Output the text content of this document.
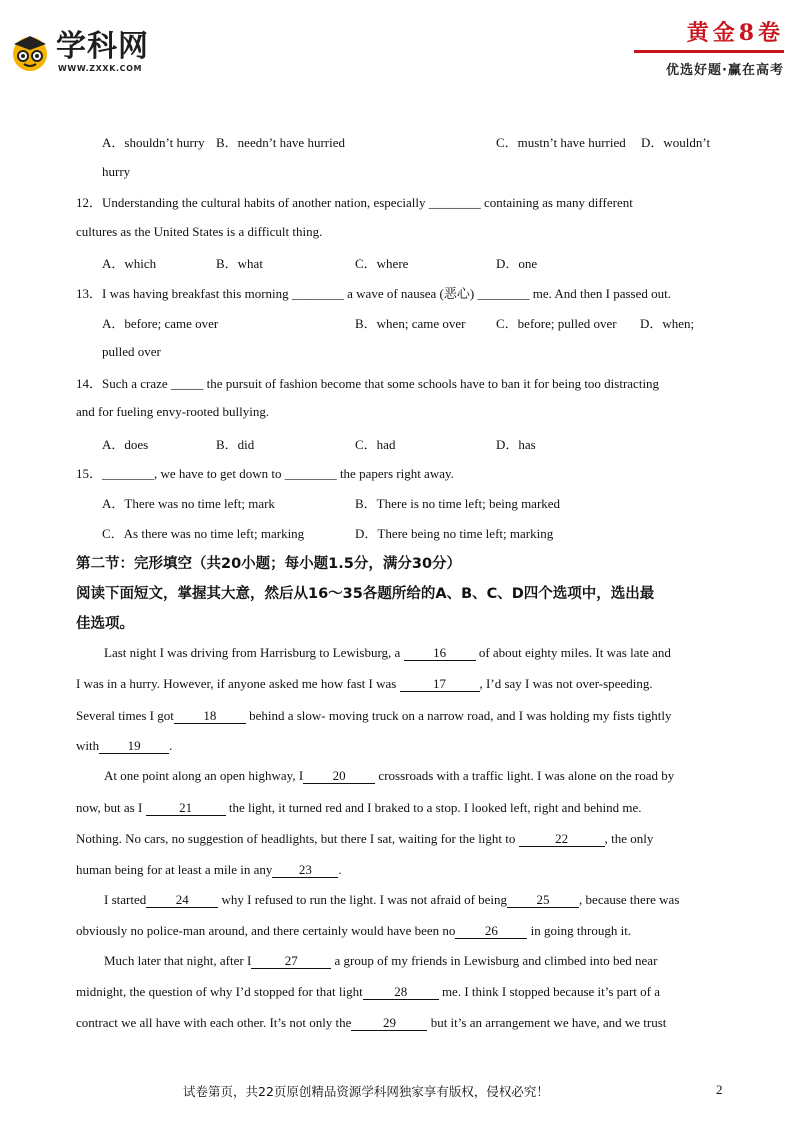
学科网
WWW.ZXXK.COM
黄金8卷
优选好题·赢在高考
A．shouldn’t hurry B．needn’t have hurried	C．mustn’t have hurried D．wouldn’t
hurry
12．Understanding the cultural habits of another nation, especially ________ containing as many different
cultures as the United States is a difficult thing.
A．which	B．what	C．where	D．one
13．I was having breakfast this morning ________ a wave of nausea (恶心) ________ me. And then I passed out.
A．before; came over	B．when; came over C．before; pulled over D．when;
pulled over
14．Such a craze _____ the pursuit of fashion become that some schools have to ban it for being too distracting
and for fueling envy-rooted bullying.
A．does	B．did	C．had	D．has
15．________, we have to get down to ________ the papers right away.
A．There was no time left; mark	B．There is no time left; being marked
C．As there was no time left; marking	D．There being no time left; marking
第二节：完形填空（共20小题；每小题1.5分，满分30分）
阅读下面短文，掌握其大意，然后从16～35各题所给的A、B、C、D四个选项中，选出最
佳选项。
Last night I was driving from Harrisburg to Lewisburg, a 16 of about eighty miles. It was late and
I was in a hurry. However, if anyone asked me how fast I was	17	, I’d say I was not over-speeding.
Several times I got 18 behind a slow- moving truck on a narrow road, and I was holding my fists tightly
with 19 .
At one point along an open highway, I 20 crossroads with a traffic light. I was alone on the road by
now, but as I	21	the light, it turned red and I braked to a stop. I looked left, right and behind me.
Nothing. No cars, no suggestion of headlights, but there I sat, waiting for the light to	22	, the only
human being for at least a mile in any 23 .
I started 24 why I refused to run the light. I was not afraid of being 25 , because there was
obviously no police-man around, and there certainly would have been no 26 in going through it.
Much later that night, after I	27	a group of my friends in Lewisburg and climbed into bed near
midnight, the question of why I’d stopped for that light 28 me. I think I stopped because it’s part of a
contract we all have with each other. It’s not only the 29 but it’s an arrangement we have, and we trust
试卷第页，共22页原创精品资源学科网独家享有版权，侵权必究！	2
